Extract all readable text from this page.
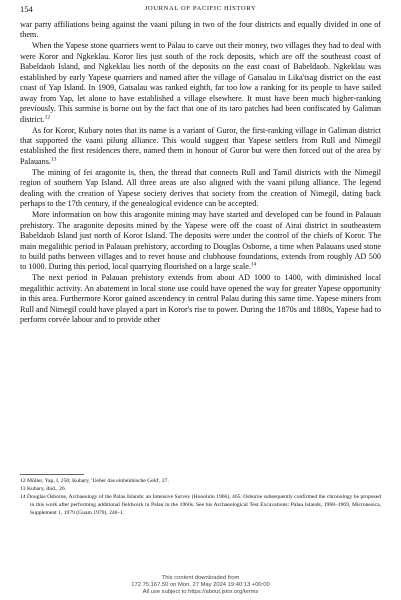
154	JOURNAL OF PACIFIC HISTORY

war party affiliations being against the vaani pilung in two of the four districts and equally divided in one of them.

When the Yapese stone quarriers went to Palau to carve out their money, two villages they had to deal with were Koror and Ngkeklau. Koror lies just south of the rock deposits, which are off the southeast coast of Babeldaob Island, and Ngkeklau lies north of the deposits on the east coast of Babeldaob. Ngkeklau was established by early Yapese quarriers and named after the village of Gatsalau in Lika'tsag district on the east coast of Yap Island. In 1909, Gatsalau was ranked eighth, far too low a ranking for its people to have sailed away from Yap, let alone to have established a village elsewhere. It must have been much higher-ranking previously. This surmise is borne out by the fact that one of its taro patches had been confiscated by Galiman district.$^{12}$

As for Koror, Kubary notes that its name is a variant of Guror, the first-ranking village in Galiman district that supported the vaani pilung alliance. This would suggest that Yapese settlers from Rull and Nimegil established the first residences there, named them in honour of Guror but were then forced out of the area by Palauans.$^{13}$

The mining of fei aragonite is, then, the thread that connects Rull and Tamil districts with the Nimegil region of southern Yap Island. All three areas are also aligned with the vaani pilung alliance. The legend dealing with the creation of Yapese society derives that society from the creation of Nimegil, dating back perhaps to the 17th century, if the genealogical evidence can be accepted.

More information on how this aragonite mining may have started and developed can be found in Palauan prehistory. The aragonite deposits mined by the Yapese were off the coast of Airai district in southeastern Babeldaob Island just north of Koror Island. The deposits were under the control of the chiefs of Koror. The main megalithic period in Palauan prehistory, according to Douglas Osborne, a time when Palauans used stone to build paths between villages and to revet house and clubhouse foundations, extends from roughly AD 500 to 1000. During this period, local quarrying flourished on a large scale.$^{14}$

The next period in Palauan prehistory extends from about AD 1000 to 1400, with diminished local megalithic activity. An abatement in local stone use could have opened the way for greater Yapese opportunity in this area. Furthermore Koror gained ascendency in central Palau during this same time. Yapese miners from Rull and Nimegil could have played a part in Koror's rise to power. During the 1870s and 1880s, Yapese had to perform corvée labour and to provide other

12 Müller, Yap, I, 250; Kubary, 'Ueber das einheimische Geld', 27.

13 Kubary, ibid., 26.

14 Douglas Osborne, Archaeology of the Palau Islands: an Intensive Survey (Honolulu 1966), 465. Osborne subsequently confirmed the chronology he proposed in this work after performing additional fieldwork in Palau in the 1960s. See his Archaeological Test Excavations: Palau Islands, 1968–1969, Micronesica, Supplement 1, 1979 (Guam 1979), 240–1.

This content downloaded from
172.75.167.50 on Mon, 27 May 2024 19:40:13 +00:00
All use subject to https://about.jstor.org/terms
